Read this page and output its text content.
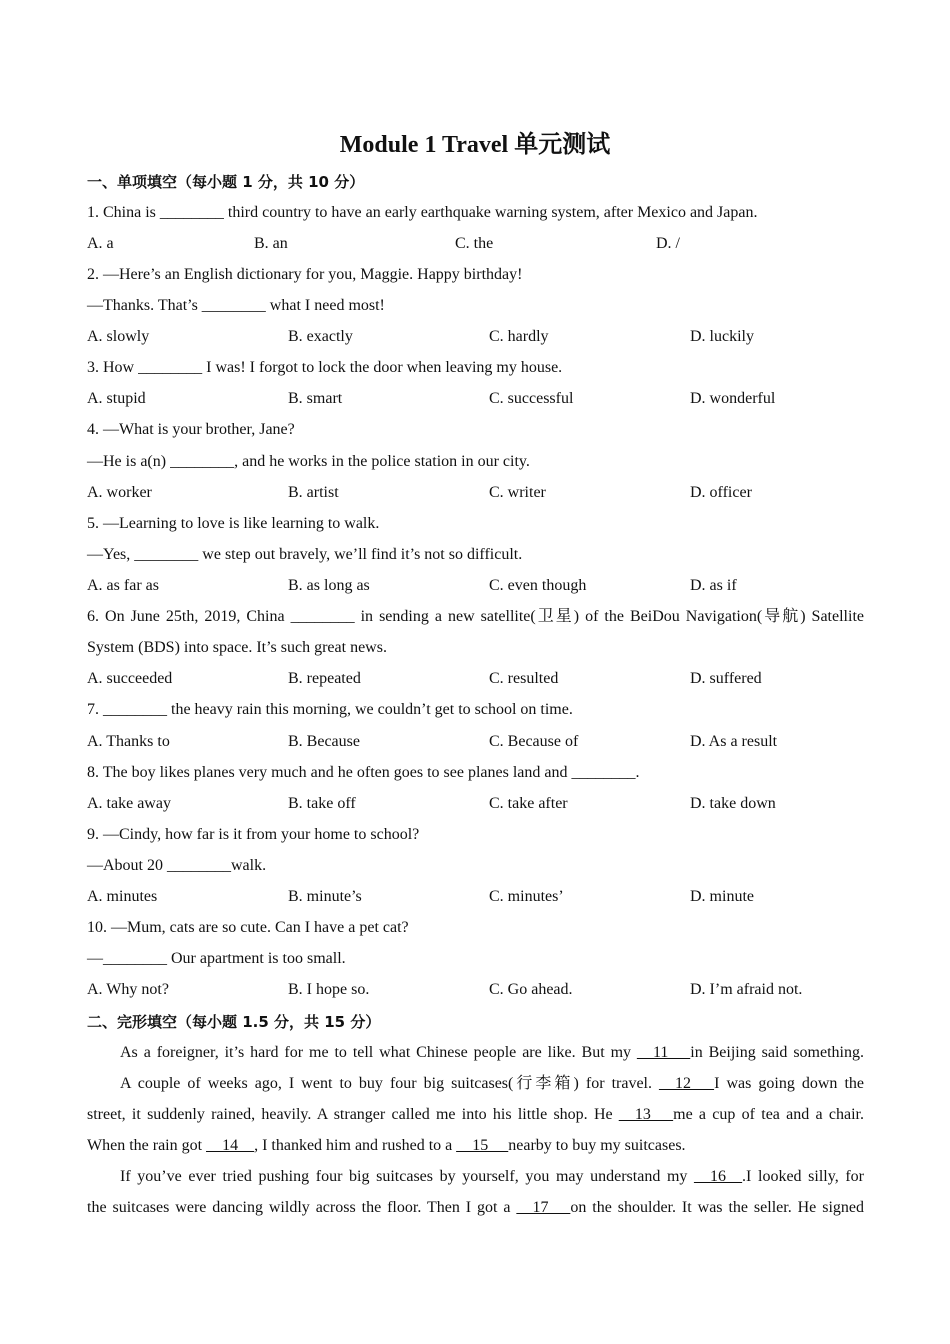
Module 1 Travel 单元测试
一、单项填空（每小题 1 分，共 10 分）
1. China is ________ third country to have an early earthquake warning system, after Mexico and Japan.
A. a	B. an	C. the	D. /
2. —Here’s an English dictionary for you, Maggie. Happy birthday!
—Thanks. That’s ________ what I need most!
A. slowly	B. exactly	C. hardly	D. luckily
3. How ________ I was! I forgot to lock the door when leaving my house.
A. stupid	B. smart	C. successful	D. wonderful
4. —What is your brother, Jane?
—He is a(n) ________, and he works in the police station in our city.
A. worker	B. artist	C. writer	D. officer
5. —Learning to love is like learning to walk.
—Yes, ________ we step out bravely, we’ll find it’s not so difficult.
A. as far as	B. as long as	C. even though	D. as if
6. On June 25th, 2019, China ________ in sending a new satellite(卫星) of the BeiDou Navigation(导航) Satellite
System (BDS) into space. It’s such great news.
A. succeeded	B. repeated	C. resulted	D. suffered
7. ________ the heavy rain this morning, we couldn’t get to school on time.
A. Thanks to	B. Because	C. Because of	D. As a result
8. The boy likes planes very much and he often goes to see planes land and ________.
A. take away	B. take off	C. take after	D. take down
9. —Cindy, how far is it from your home to school?
—About 20 ________walk.
A. minutes	B. minute’s	C. minutes’	D. minute
10. —Mum, cats are so cute. Can I have a pet cat?
—________ Our apartment is too small.
A. Why not?	B. I hope so.	C. Go ahead.	D. I’m afraid not.
二、完形填空（每小题 1.5 分，共 15 分）
As a foreigner, it’s hard for me to tell what Chinese people are like. But my __11__ in Beijing said something.
A couple of weeks ago, I went to buy four big suitcases(行李箱) for travel. __12__ I was going down the
street, it suddenly rained, heavily. A stranger called me into his little shop. He __13__ me a cup of tea and a chair.
When the rain got __14__, I thanked him and rushed to a __15__ nearby to buy my suitcases.
If you’ve ever tried pushing four big suitcases by yourself, you may understand my __16__.I looked silly, for
the suitcases were dancing wildly across the floor. Then I got a __17__ on the shoulder. It was the seller. He signed
